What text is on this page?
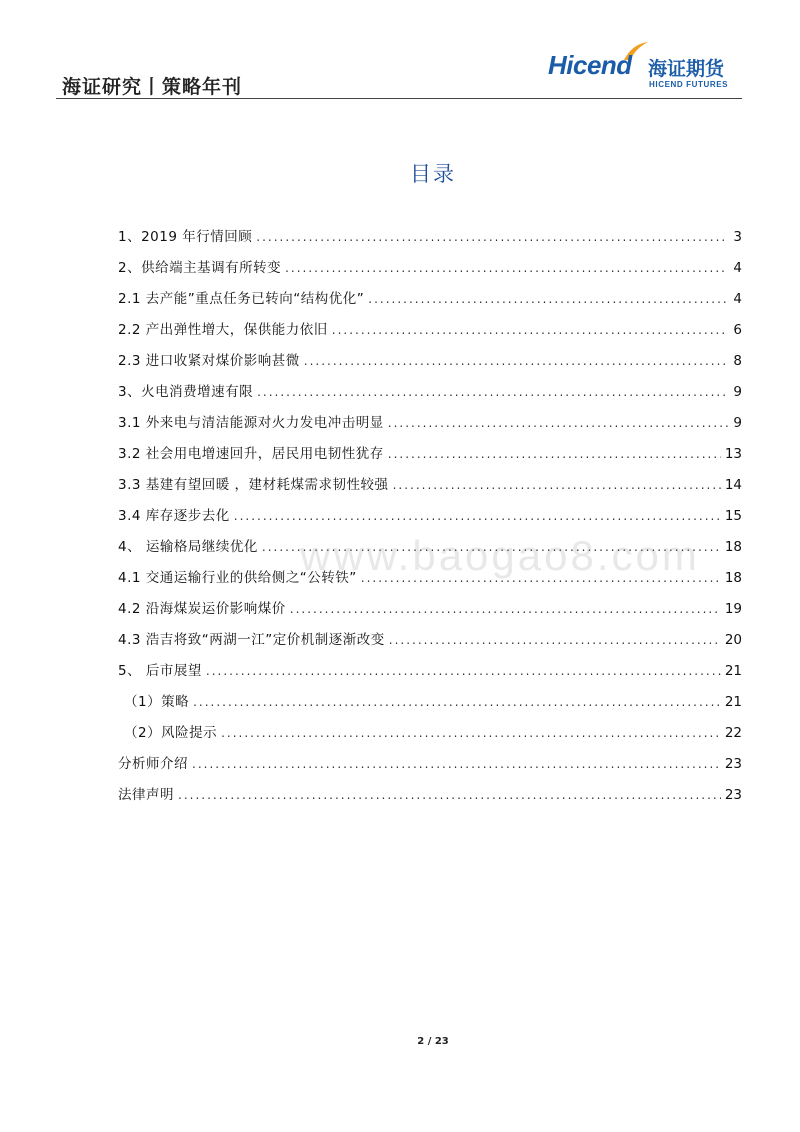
海证研究丨策略年刊
Hicend 海证期货
HICEND FUTURES
目录
1、2019 年行情回顾 .....	3
2、供给端主基调有所转变 .....	4
2.1 去产能”重点任务已转向“结构优化” .....	4
2.2 产出弹性增大，保供能力依旧 .....	6
2.3 进口收紧对煤价影响甚微 .....	8
3、火电消费增速有限 .....	9
3.1 外来电与清洁能源对火力发电冲击明显 .....	9
3.2 社会用电增速回升，居民用电韧性犹存 .....	13
3.3 基建有望回暖 ，建材耗煤需求韧性较强 .....	14
3.4 库存逐步去化 .....	15
4、 运输格局继续优化 .....	18
4.1 交通运输行业的供给侧之“公转铁” .....	18
4.2 沿海煤炭运价影响煤价 .....	19
4.3 浩吉将致“两湖一江”定价机制逐渐改变 .....	20
5、 后市展望 .....	21
（1）策略 .....	21
（2）风险提示 .....	22
分析师介绍 .....	23
法律声明 .....	23
www.baogao8.com
2 / 23
